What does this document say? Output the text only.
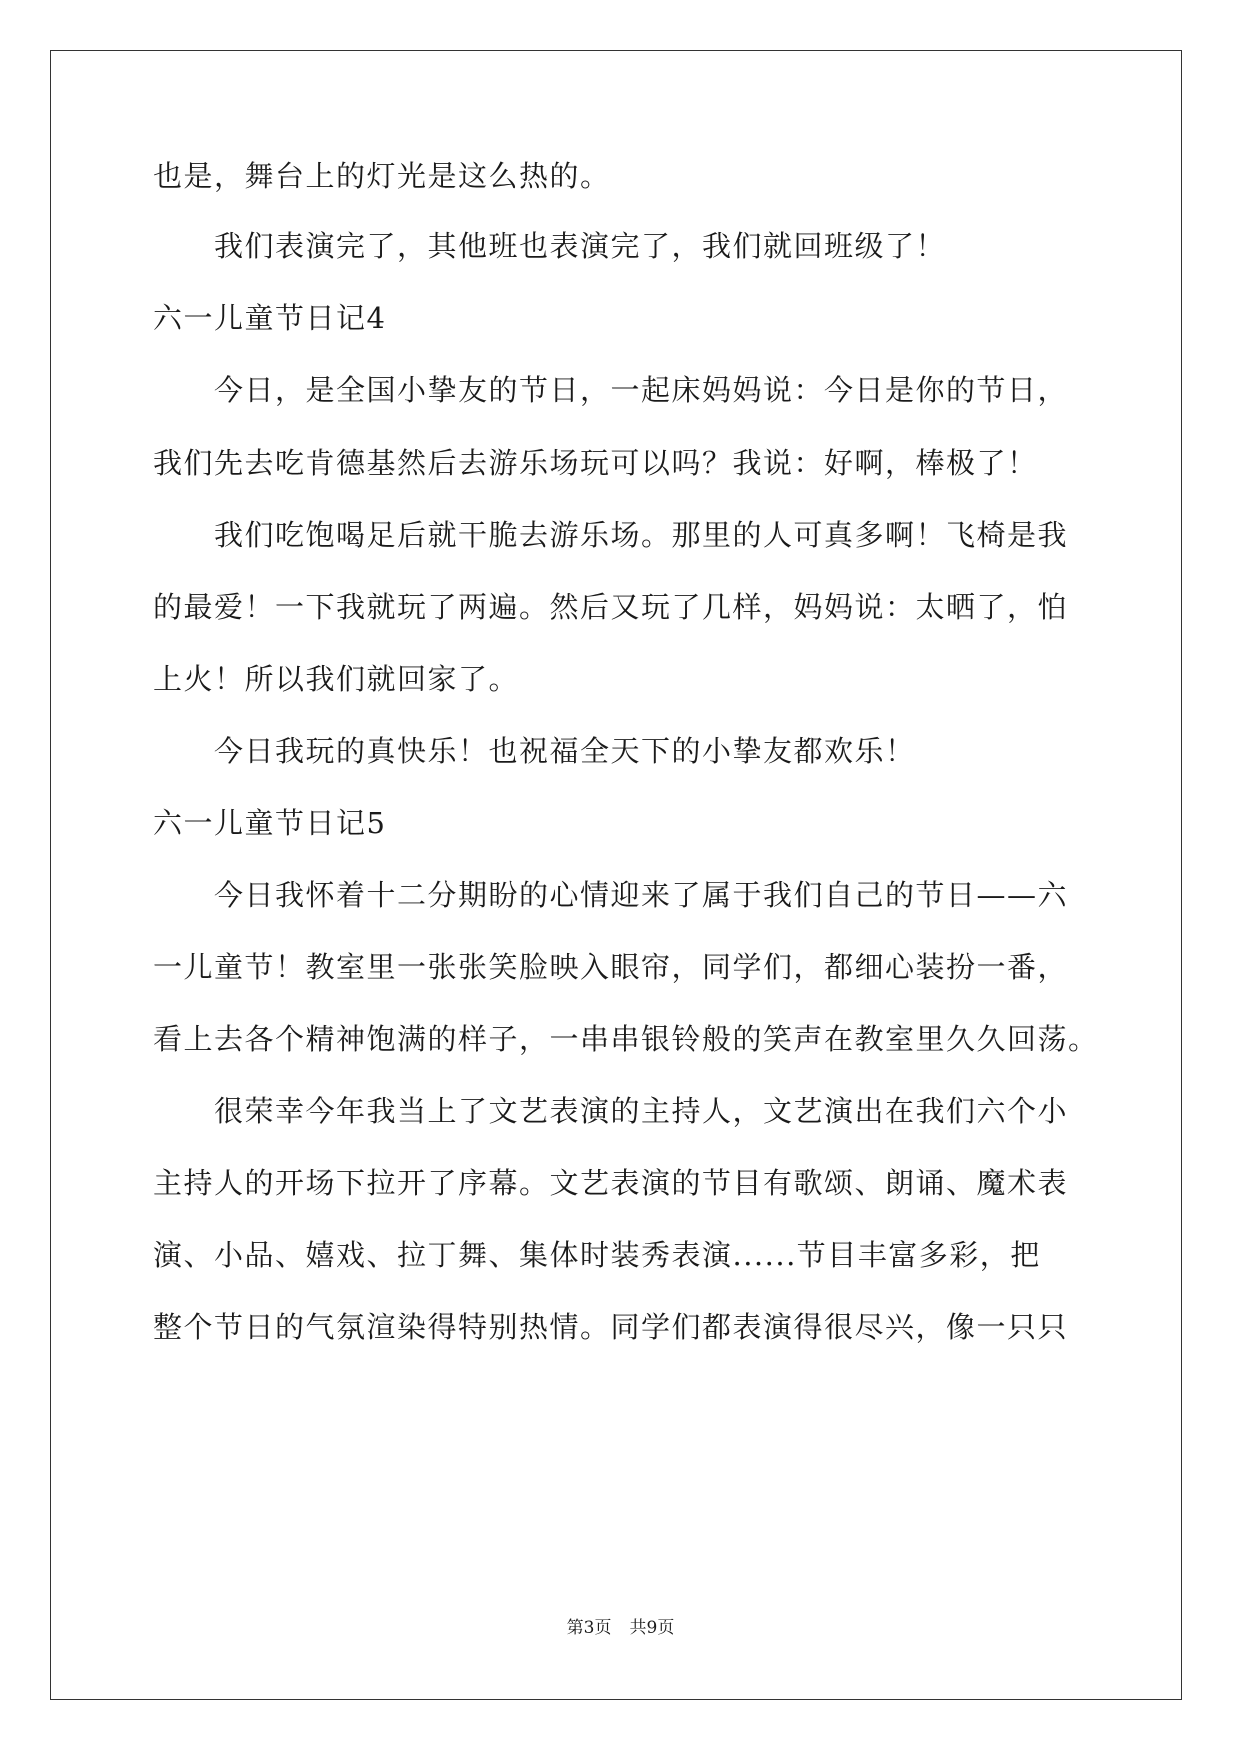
也是，舞台上的灯光是这么热的。
我们表演完了，其他班也表演完了，我们就回班级了！
六一儿童节日记4
今日，是全国小挚友的节日，一起床妈妈说：今日是你的节日，
我们先去吃肯德基然后去游乐场玩可以吗？我说：好啊，棒极了！
我们吃饱喝足后就干脆去游乐场。那里的人可真多啊！飞椅是我
的最爱！一下我就玩了两遍。然后又玩了几样，妈妈说：太晒了，怕
上火！所以我们就回家了。
今日我玩的真快乐！也祝福全天下的小挚友都欢乐！
六一儿童节日记5
今日我怀着十二分期盼的心情迎来了属于我们自己的节日——六
一儿童节！教室里一张张笑脸映入眼帘，同学们，都细心装扮一番，
看上去各个精神饱满的样子，一串串银铃般的笑声在教室里久久回荡。
很荣幸今年我当上了文艺表演的主持人，文艺演出在我们六个小
主持人的开场下拉开了序幕。文艺表演的节目有歌颂、朗诵、魔术表
演、小品、嬉戏、拉丁舞、集体时装秀表演......节目丰富多彩，把
整个节日的气氛渲染得特别热情。同学们都表演得很尽兴，像一只只
第3页 共9页
